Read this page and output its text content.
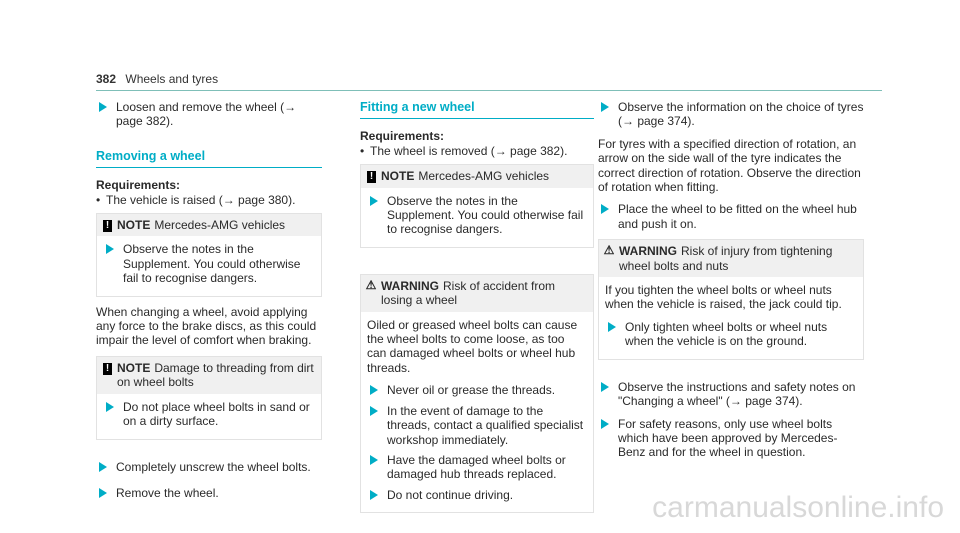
382 Wheels and tyres
Loosen and remove the wheel (→ page 382).
Removing a wheel
Requirements:
• The vehicle is raised (→ page 380).
! NOTE Mercedes-AMG vehicles
Observe the notes in the Supplement. You could otherwise fail to recognise dangers.

When changing a wheel, avoid applying any force to the brake discs, as this could impair the level of comfort when braking.

! NOTE Damage to threading from dirt on wheel bolts
Do not place wheel bolts in sand or on a dirty surface.
Completely unscrew the wheel bolts.
Remove the wheel.
Fitting a new wheel
Requirements:
• The wheel is removed (→ page 382).
! NOTE Mercedes-AMG vehicles
Observe the notes in the Supplement. You could otherwise fail to recognise dangers.
⚠ WARNING Risk of accident from losing a wheel

Oiled or greased wheel bolts can cause the wheel bolts to come loose, as too can damaged wheel bolts or wheel hub threads.

Never oil or grease the threads.
In the event of damage to the threads, contact a qualified specialist workshop immediately.
Have the damaged wheel bolts or damaged hub threads replaced.
Do not continue driving.
Observe the information on the choice of tyres (→ page 374).

For tyres with a specified direction of rotation, an arrow on the side wall of the tyre indicates the correct direction of rotation. Observe the direction of rotation when fitting.

Place the wheel to be fitted on the wheel hub and push it on.
⚠ WARNING Risk of injury from tightening wheel bolts and nuts

If you tighten the wheel bolts or wheel nuts when the vehicle is raised, the jack could tip.

Only tighten wheel bolts or wheel nuts when the vehicle is on the ground.
Observe the instructions and safety notes on "Changing a wheel" (→ page 374).
For safety reasons, only use wheel bolts which have been approved by Mercedes-Benz and for the wheel in question.
carmanualsonline.info
